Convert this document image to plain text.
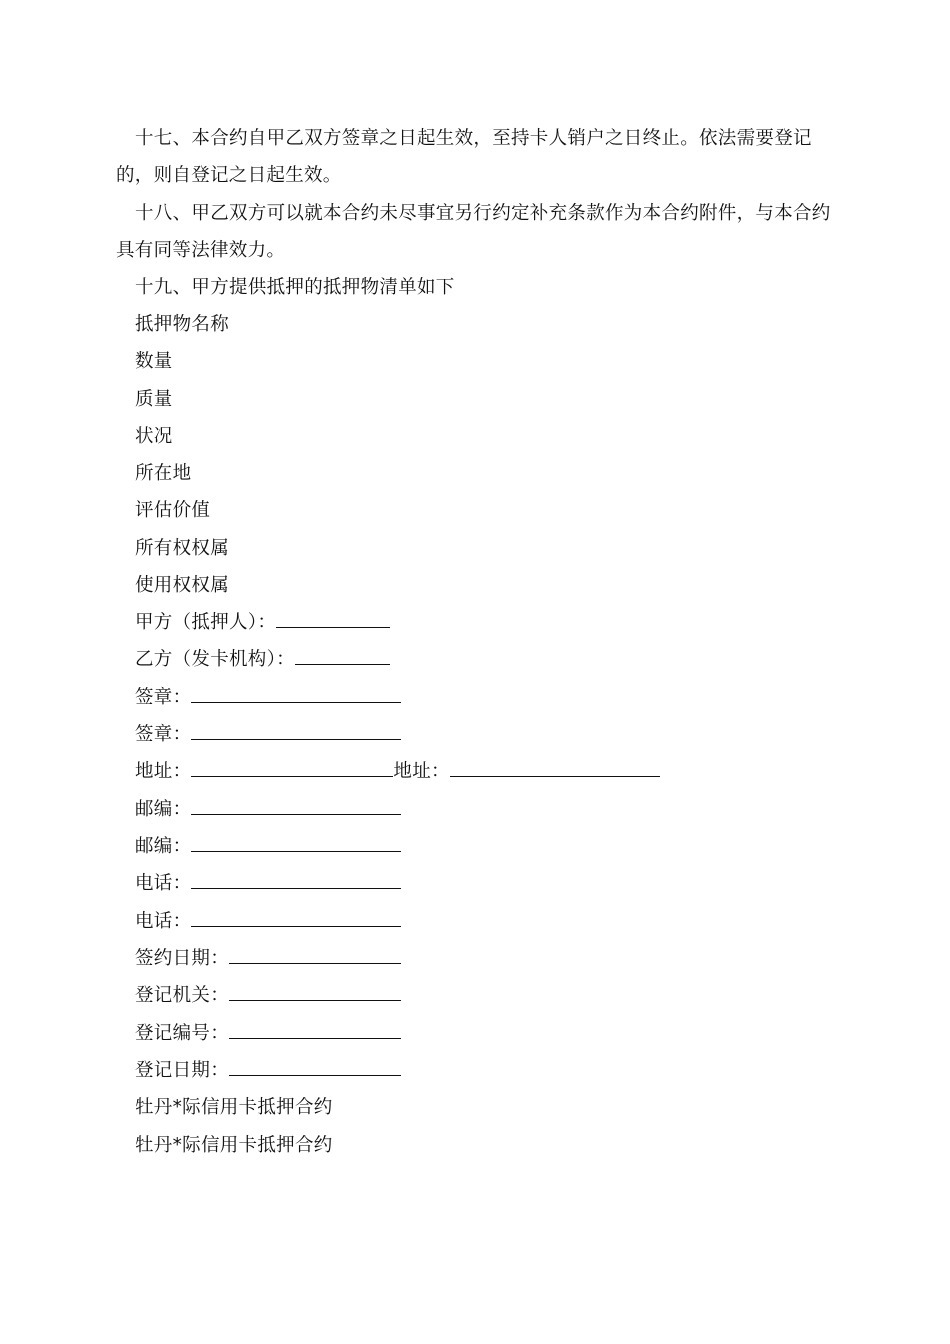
十七、本合约自甲乙双方签章之日起生效，至持卡人销户之日终止。依法需要登记的，则自登记之日起生效。

十八、甲乙双方可以就本合约未尽事宜另行约定补充条款作为本合约附件，与本合约具有同等法律效力。

十九、甲方提供抵押的抵押物清单如下
抵押物名称
数量
质量
状况
所在地
评估价值
所有权权属
使用权权属
甲方（抵押人）：
乙方（发卡机构）：
签章：
签章：
地址：	地址：
邮编：
邮编：
电话：
电话：
签约日期：
登记机关：
登记编号：
登记日期：
牡丹*际信用卡抵押合约
牡丹*际信用卡抵押合约
